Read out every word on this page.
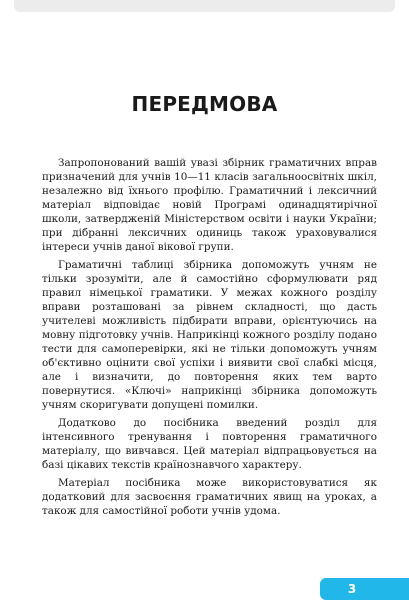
ПЕРЕДМОВА

Запропонований вашій увазі збірник граматичних вправ призначений для учнів 10—11 класів загальноосвітніх шкіл, незалежно від їхнього профілю. Граматичний і лексичний матеріал відповідає новій Програмі одинадцятирічної школи, затвердженій Міністерством освіти і науки України; при дібранні лексичних одиниць також ураховувалися інтереси учнів даної вікової групи.

Граматичні таблиці збірника допоможуть учням не тільки зрозуміти, але й самостійно сформулювати ряд правил німецької граматики. У межах кожного розділу вправи розташовані за рівнем складності, що дасть учителеві можливість підбирати вправи, орієнтуючись на мовну підготовку учнів. Наприкінці кожного розділу подано тести для самоперевірки, які не тільки допоможуть учням об'єктивно оцінити свої успіхи і виявити свої слабкі місця, але і визначити, до повторення яких тем варто повернутися. «Ключі» наприкінці збірника допоможуть учням скоригувати допущені помилки.

Додатково до посібника введений розділ для інтенсивного тренування і повторення граматичного матеріалу, що вивчався. Цей матеріал відпрацьовується на базі цікавих текстів країнознавчого характеру.

Матеріал посібника може використовуватися як додатковий для засвоєння граматичних явищ на уроках, а також для самостійної роботи учнів удома.

3
